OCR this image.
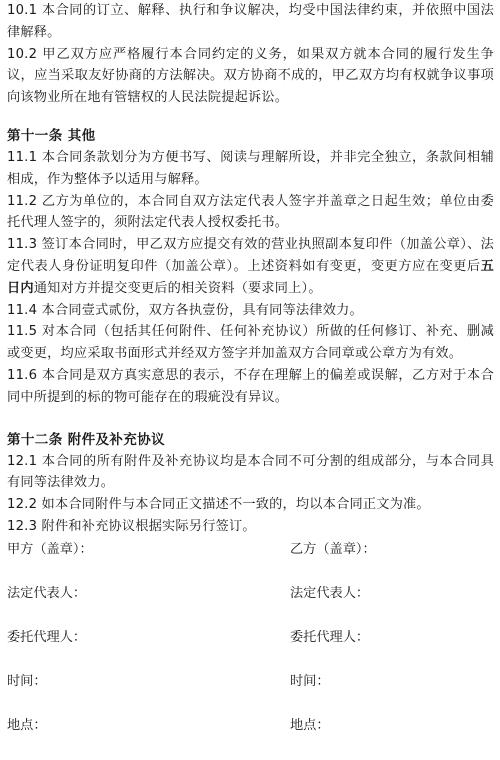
10.1 本合同的订立、解释、执行和争议解决，均受中国法律约束，并依照中国法律解释。

10.2 甲乙双方应严格履行本合同约定的义务，如果双方就本合同的履行发生争议，应当采取友好协商的方法解决。双方协商不成的，甲乙双方均有权就争议事项向该物业所在地有管辖权的人民法院提起诉讼。

第十一条 其他

11.1 本合同条款划分为方便书写、阅读与理解所设，并非完全独立，条款间相辅相成，作为整体予以适用与解释。

11.2 乙方为单位的，本合同自双方法定代表人签字并盖章之日起生效；单位由委托代理人签字的，须附法定代表人授权委托书。

11.3 签订本合同时，甲乙双方应提交有效的营业执照副本复印件（加盖公章）、法定代表人身份证明复印件（加盖公章）。上述资料如有变更，变更方应在变更后五日内通知对方并提交变更后的相关资料（要求同上）。

11.4 本合同壹式贰份，双方各执壹份，具有同等法律效力。

11.5 对本合同（包括其任何附件、任何补充协议）所做的任何修订、补充、删减或变更，均应采取书面形式并经双方签字并加盖双方合同章或公章方为有效。

11.6 本合同是双方真实意思的表示，不存在理解上的偏差或误解，乙方对于本合同中所提到的标的物可能存在的瑕疵没有异议。

第十二条 附件及补充协议

12.1 本合同的所有附件及补充协议均是本合同不可分割的组成部分，与本合同具有同等法律效力。

12.2 如本合同附件与本合同正文描述不一致的，均以本合同正文为准。

12.3 附件和补充协议根据实际另行签订。

甲方（盖章）：	乙方（盖章）：
法定代表人：	法定代表人：
委托代理人：	委托代理人：
时间：	时间：
地点：	地点：
